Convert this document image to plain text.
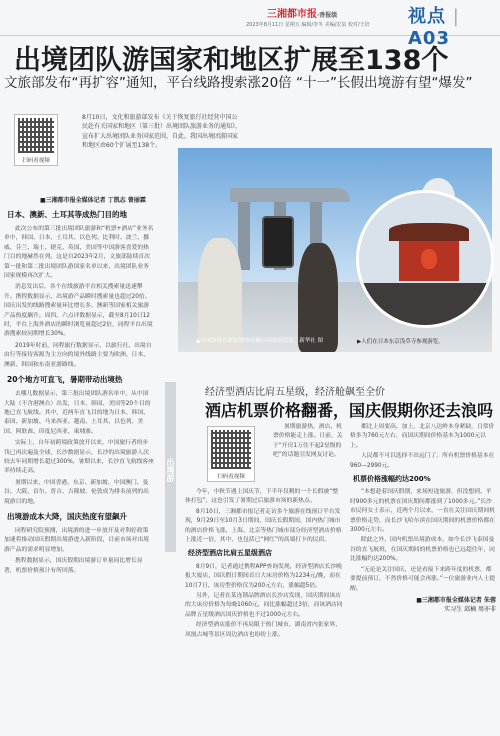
三湘都市报·香报级
2023年8月11日 星期五 编辑/李冬 美编/宏泉 校对/王培 视点 | A03
出境团队游国家和地区扩展至138个
文旅部发布“再扩容”通知，平台线路搜索涨20倍 “十一”长假出境游有望“爆发”
扫码看视频
8月10日，文化和旅游部发布《关于恢复旅行社经营中国公民赴有关国家和地区（第三批）出境团队旅游业务的通知》，宣布扩大出境团队业务国家范围，自此，我国出境团游国家和地区由60个扩展至138个。
■三湘都市报全媒体记者 丁凯志 曾丽霖
日本、澳新、土耳其等成热门目的地

此次公布的第三批出境团队旅游和“机票+酒店”业务名单中，韩国、日本、土耳其、以色列、比利时、波兰、挪威、芬兰、瑞士、捷克、英国、美国等中国游客喜爱的热门目的地赫然在列。这是自2023年2月，文旅部陆续首次第一批和第二批出境团队游国家名单以来，出境团队业务国家规模再次扩大。

消息发出后，各个在线旅游平台相关搜索量迅速攀升。携程数据显示，出境游产品瞬时搜索量也超过20倍。国庆出发的线路搜索量环比增长多，澳新等国家相关旅游产品热度飙升。周四，六点评数据显示，截至8月10日12时，平台上海外酒店的瞬时浏览量超过2倍，同程平台出境游搜索较同期增长30%。

2019年时前，同程旅行数据显示，以旅行社、出境自由行等接待客源为主方向的境外线路主要为欧洲、日本、澳新、韩国和东南亚游路线。

20个地方可直飞，暑期带动出境热

去哪儿数据显示，第三批出境团队游名单中，从中国大陆（不含港澳台）出发，日本、韩国、美国等20个目的地已直飞航线。其中，近两年直飞目的地为日本、韩国、泰国、新加坡、马来西亚、越南、土耳其、以色列、美国、阿联酋、印度尼西亚、柬埔寨。

实际上，自年初跨境政策放开以来，中国旅行者的步伐已再次遍及全球，长沙数据显示，长沙的出境旅游人次较去年同期增长超过300%，暑期以来，长沙直飞航线客座率持续走高。

暑期以来，中国香港、东京、新加坡、中国澳门、曼谷、大阪、首尔、普吉、吉隆坡、伦敦成为排名前列的出境游目的地。

出境游成本大降，国庆热度有望飙升

同程研究院预测，出境游的进一步放开及对利好政策加速将推动国庆假期出境游进入新阶段，目前市场对出境游产品的需求明显增加。

携程数据显示，国庆假期出境游订单量同比增长显著，机票价格预计有所回落。

▲中国游客在新加坡鱼尾狮公园拍照留影。新华社 图	▶人们在日本东京浅草寺参观游览。
出境游
经济型酒店比肩五星级，经济舱飙至全价
酒店机票价格翻番，国庆假期你还去浪吗
扫码看视频

暑期旅游热，酒店、机票价格能走上涨。日前，关于“开房1万住不起2星级的吧”的话题引发网友讨论。

今年，中秋节遇上国庆节，下半年仅剩的一个长假被“整体打包”，这也引发了暑期过后旅游市场的新热点。

8月10日，三湘都市报记者走访多个旅游在线预订平台发现，9月29日至10月3日期间，国庆长假期间，国内热门城市的酒店价格飞涨，上海、北京等热门城市部分经济型酒店价格上涨近一倍，其中，也包括已“网红”的高端打卡的民宿。

经济型酒店比肩五星级酒店

8月9日，记者通过携程APP查询发现，经济型酒店长沙晚报大厦店，国庆假日期间首日大床房价格为1234元/晚，而在10月7日，该房型价格仅为200元左右，涨幅超5倍。

另外，记者在某连锁品牌酒店长沙店发现，国庆期间该店的大床房价格为每晚1060元，同比涨幅超过3倍，而该酒店同品牌五星级酒店国庆价格也不过1000元左右。

经济型酒店涨价不再局限于热门城市，湖南省内张家界、凤凰古城等景区周边酒店也纷纷上涨。

都比上周要高。加上，北京八达岭本身紧缺，日常价格多为760元左右，而国庆期间价格基本为1000元以上。

人民都不可以选择不出远门了。所有机票价格基本在960—2990元。

机票价格涨幅约达200%

“本想趁着国庆假期，来场短途旅游，但没想到，平时900多元的机票在国庆期间都涨到了1000多元。”长沙市民何女士表示，近两个月以来，一直在关注国庆期间机票价格走势，而长沙飞哈尔滨在国庆期间的机票价格都在3000元左右。

除此之外，国内机票出境游成本，如今长沙飞泰国曼谷的直飞航班，在国庆期间的机票价格也已远超往年，同比涨幅约达200%。

“无论是关注国庆，还是看接下来跨年度的机票，都要提前预订，不然价格可能会再涨。”一位旅游业内人士提醒。

■三湘都市报全媒体记者 朱蓉
实习生 邱楠 周亦非
